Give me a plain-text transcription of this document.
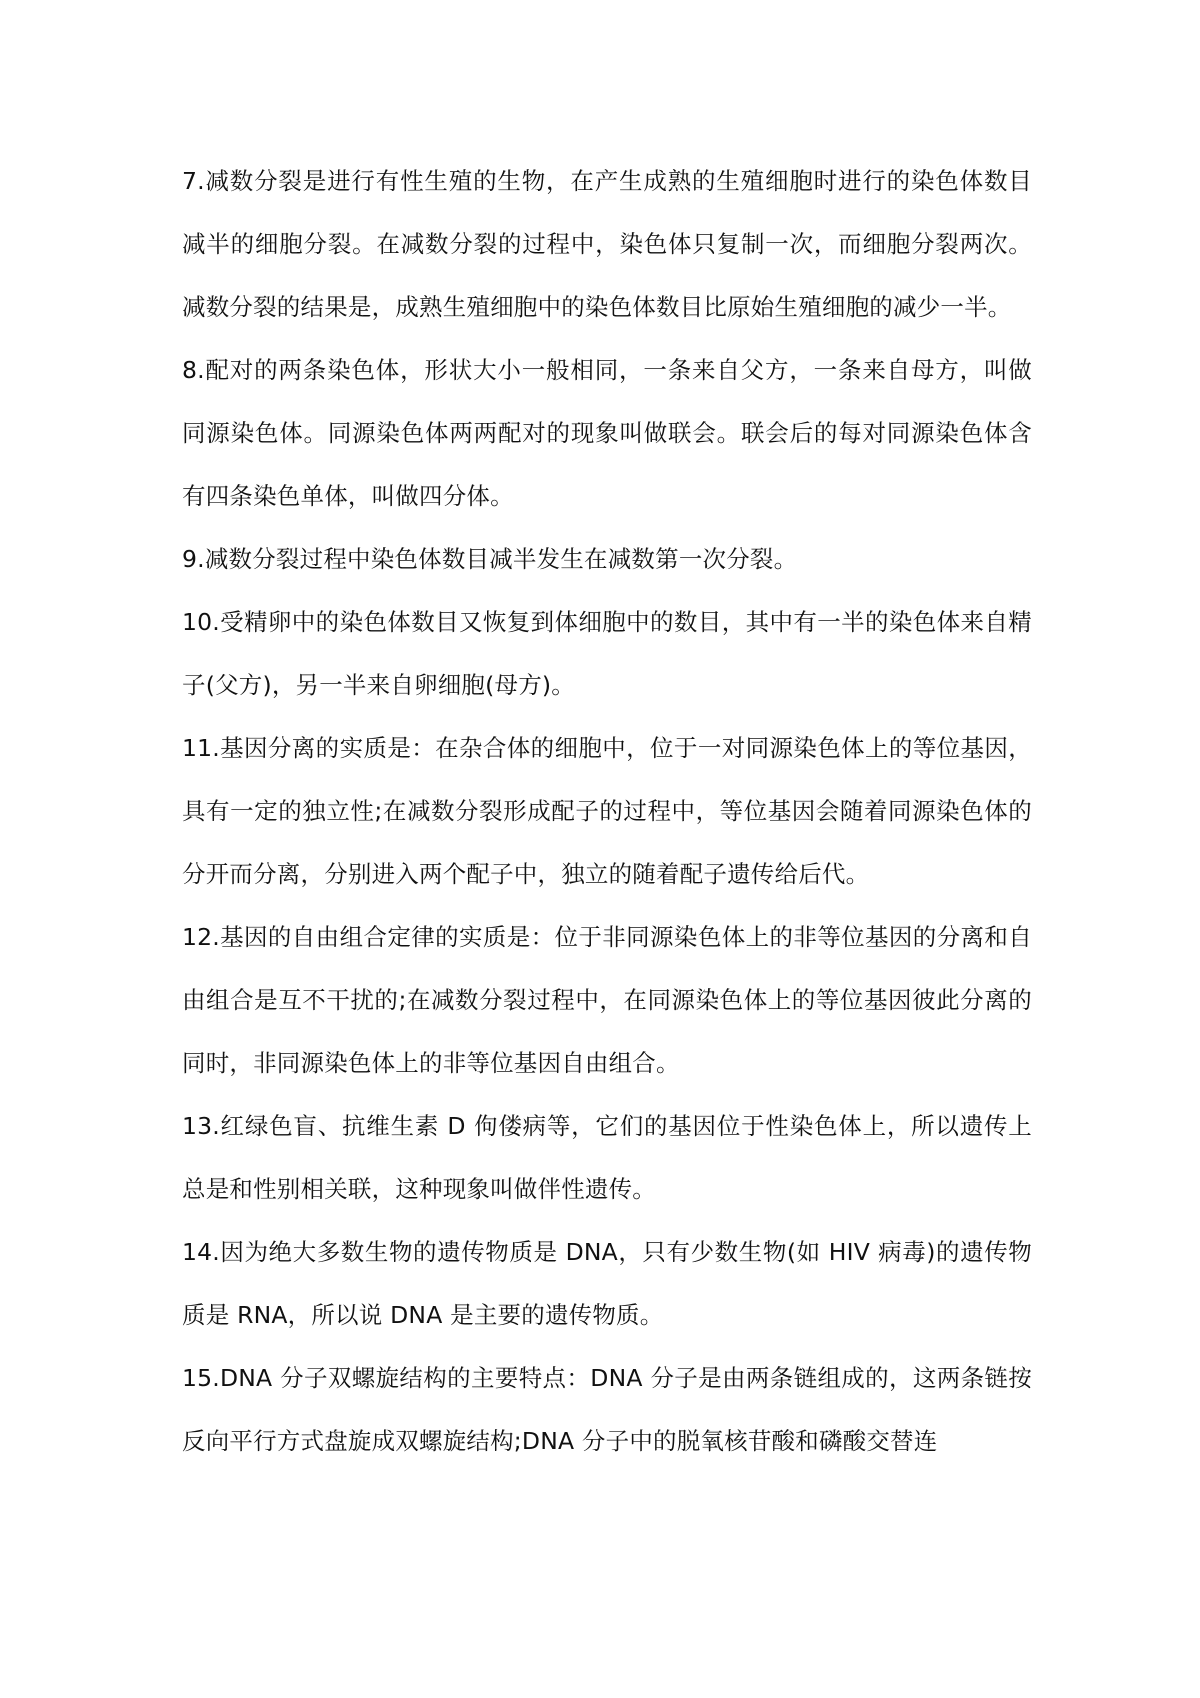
7.减数分裂是进行有性生殖的生物，在产生成熟的生殖细胞时进行的染色体数目减半的细胞分裂。在减数分裂的过程中，染色体只复制一次，而细胞分裂两次。减数分裂的结果是，成熟生殖细胞中的染色体数目比原始生殖细胞的减少一半。

8.配对的两条染色体，形状大小一般相同，一条来自父方，一条来自母方，叫做同源染色体。同源染色体两两配对的现象叫做联会。联会后的每对同源染色体含有四条染色单体，叫做四分体。

9.减数分裂过程中染色体数目减半发生在减数第一次分裂。

10.受精卵中的染色体数目又恢复到体细胞中的数目，其中有一半的染色体来自精子(父方)，另一半来自卵细胞(母方)。

11.基因分离的实质是：在杂合体的细胞中，位于一对同源染色体上的等位基因，具有一定的独立性;在减数分裂形成配子的过程中，等位基因会随着同源染色体的分开而分离，分别进入两个配子中，独立的随着配子遗传给后代。

12.基因的自由组合定律的实质是：位于非同源染色体上的非等位基因的分离和自由组合是互不干扰的;在减数分裂过程中，在同源染色体上的等位基因彼此分离的同时，非同源染色体上的非等位基因自由组合。

13.红绿色盲、抗维生素 D 佝偻病等，它们的基因位于性染色体上，所以遗传上总是和性别相关联，这种现象叫做伴性遗传。

14.因为绝大多数生物的遗传物质是 DNA，只有少数生物(如 HIV 病毒)的遗传物质是 RNA，所以说 DNA 是主要的遗传物质。

15.DNA 分子双螺旋结构的主要特点：DNA 分子是由两条链组成的，这两条链按反向平行方式盘旋成双螺旋结构;DNA 分子中的脱氧核苷酸和磷酸交替连
